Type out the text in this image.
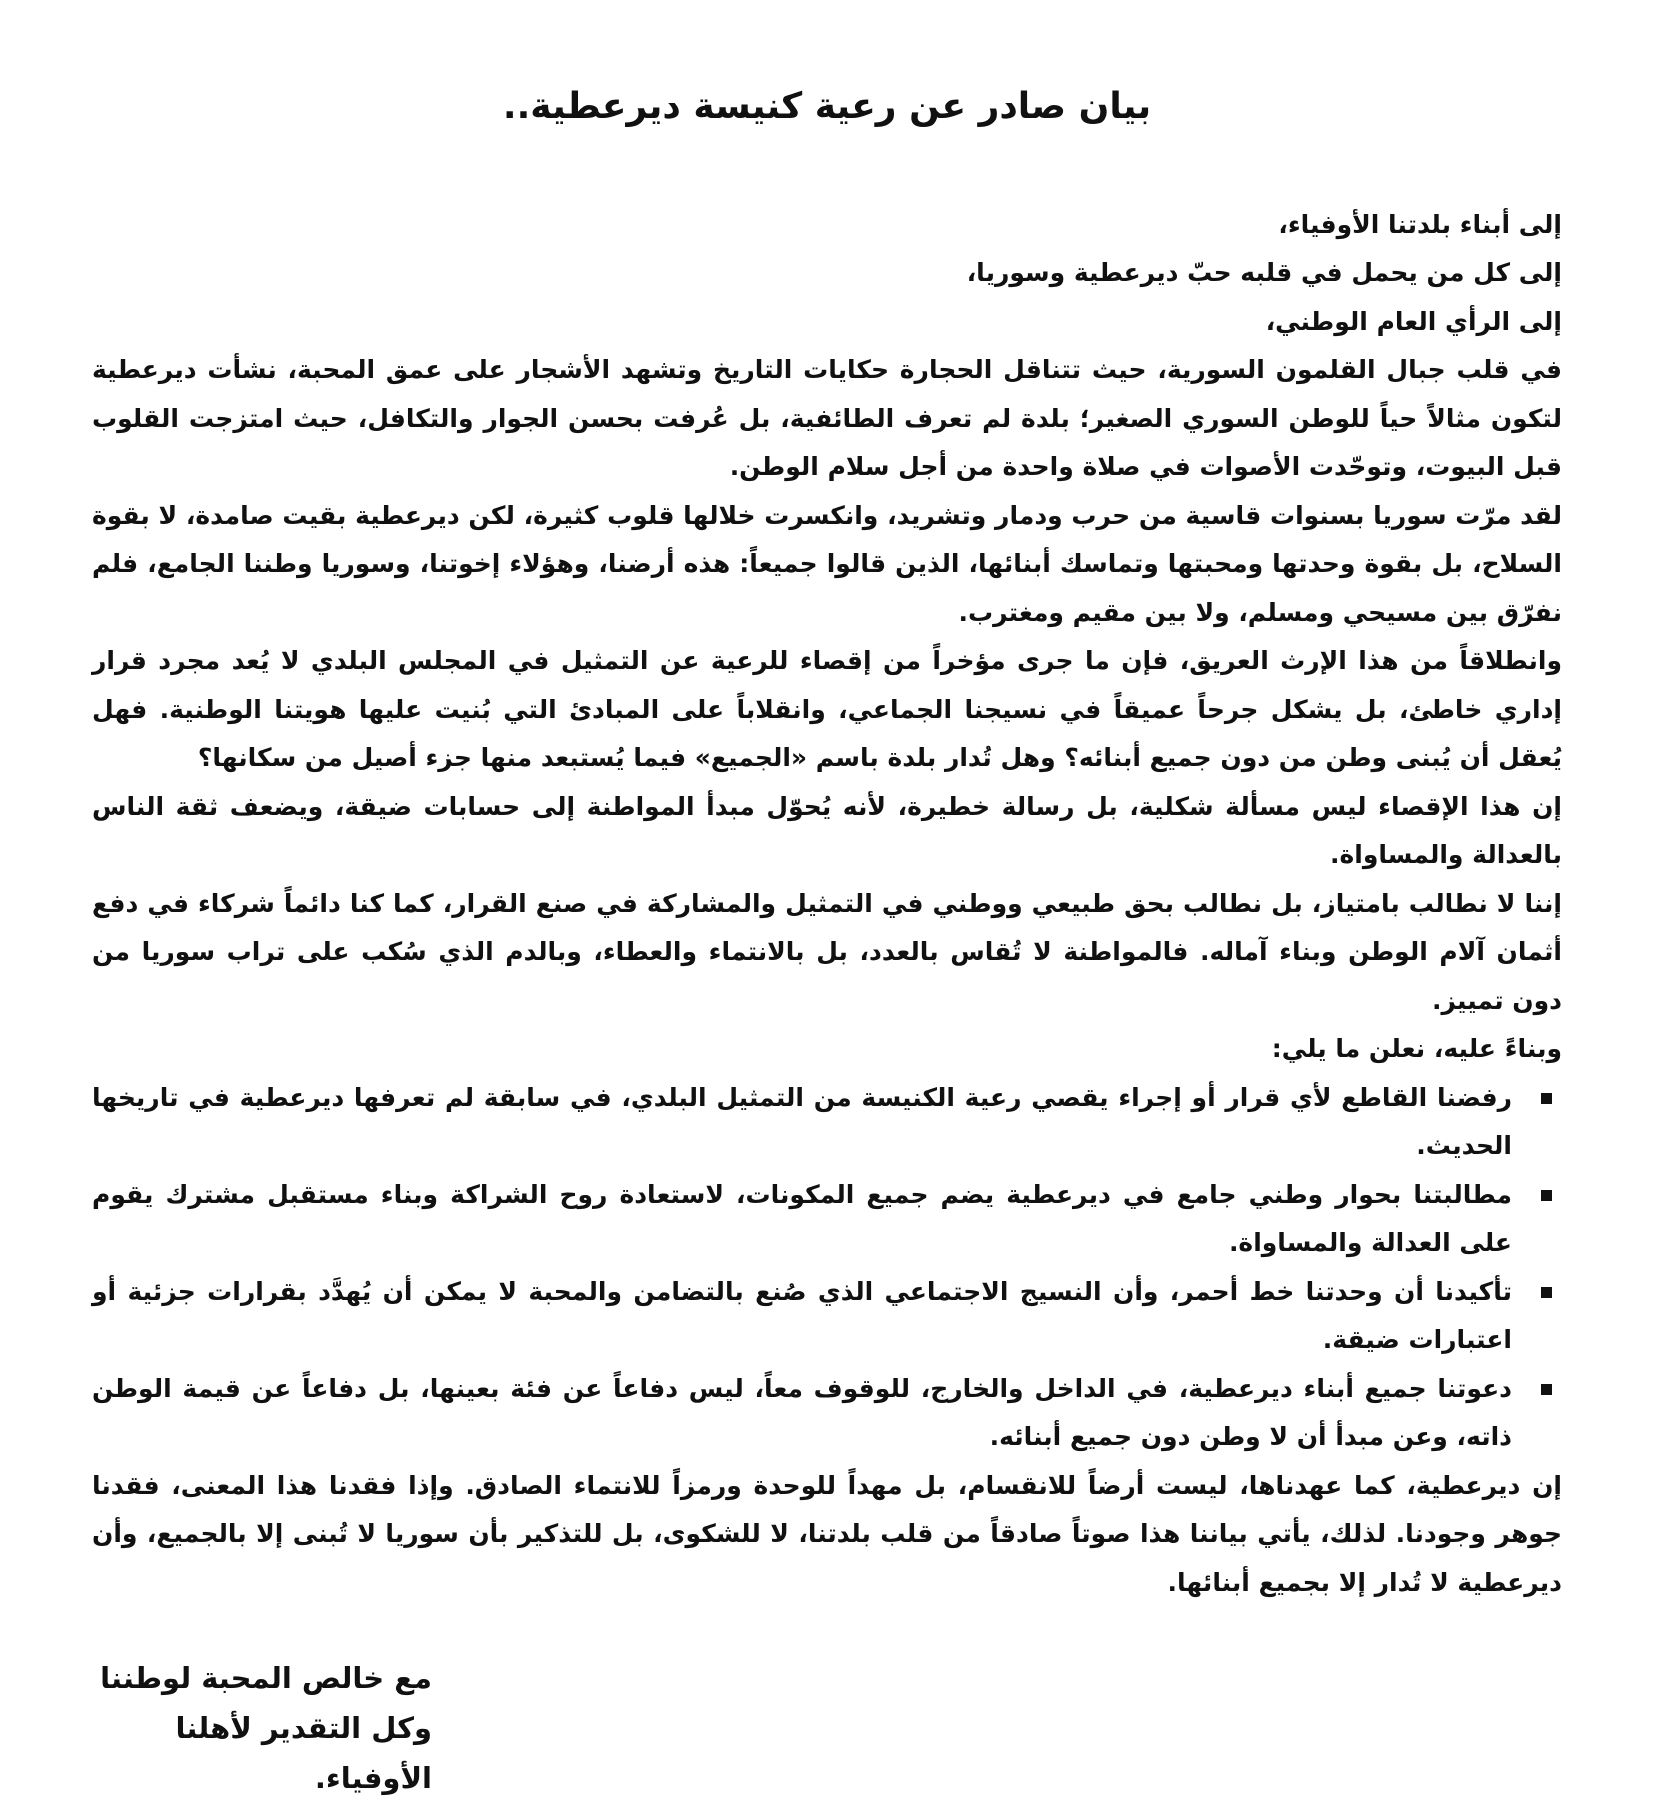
بيان صادر عن رعية كنيسة ديرعطية..

إلى أبناء بلدتنا الأوفياء،

إلى كل من يحمل في قلبه حبّ ديرعطية وسوريا،

إلى الرأي العام الوطني،

في قلب جبال القلمون السورية، حيث تتناقل الحجارة حكايات التاريخ وتشهد الأشجار على عمق المحبة، نشأت ديرعطية لتكون مثالاً حياً للوطن السوري الصغير؛ بلدة لم تعرف الطائفية، بل عُرفت بحسن الجوار والتكافل، حيث امتزجت القلوب قبل البيوت، وتوحّدت الأصوات في صلاة واحدة من أجل سلام الوطن.

لقد مرّت سوريا بسنوات قاسية من حرب ودمار وتشريد، وانكسرت خلالها قلوب كثيرة، لكن ديرعطية بقيت صامدة، لا بقوة السلاح، بل بقوة وحدتها ومحبتها وتماسك أبنائها، الذين قالوا جميعاً: هذه أرضنا، وهؤلاء إخوتنا، وسوريا وطننا الجامع، فلم نفرّق بين مسيحي ومسلم، ولا بين مقيم ومغترب.

وانطلاقاً من هذا الإرث العريق، فإن ما جرى مؤخراً من إقصاء للرعية عن التمثيل في المجلس البلدي لا يُعد مجرد قرار إداري خاطئ، بل يشكل جرحاً عميقاً في نسيجنا الجماعي، وانقلاباً على المبادئ التي بُنيت عليها هويتنا الوطنية. فهل يُعقل أن يُبنى وطن من دون جميع أبنائه؟ وهل تُدار بلدة باسم «الجميع» فيما يُستبعد منها جزء أصيل من سكانها؟

إن هذا الإقصاء ليس مسألة شكلية، بل رسالة خطيرة، لأنه يُحوّل مبدأ المواطنة إلى حسابات ضيقة، ويضعف ثقة الناس بالعدالة والمساواة.

إننا لا نطالب بامتياز، بل نطالب بحق طبيعي ووطني في التمثيل والمشاركة في صنع القرار، كما كنا دائماً شركاء في دفع أثمان آلام الوطن وبناء آماله. فالمواطنة لا تُقاس بالعدد، بل بالانتماء والعطاء، وبالدم الذي سُكب على تراب سوريا من دون تمييز.

وبناءً عليه، نعلن ما يلي:

رفضنا القاطع لأي قرار أو إجراء يقصي رعية الكنيسة من التمثيل البلدي، في سابقة لم تعرفها ديرعطية في تاريخها الحديث.
مطالبتنا بحوار وطني جامع في ديرعطية يضم جميع المكونات، لاستعادة روح الشراكة وبناء مستقبل مشترك يقوم على العدالة والمساواة.
تأكيدنا أن وحدتنا خط أحمر، وأن النسيج الاجتماعي الذي صُنع بالتضامن والمحبة لا يمكن أن يُهدَّد بقرارات جزئية أو اعتبارات ضيقة.
دعوتنا جميع أبناء ديرعطية، في الداخل والخارج، للوقوف معاً، ليس دفاعاً عن فئة بعينها، بل دفاعاً عن قيمة الوطن ذاته، وعن مبدأ أن لا وطن دون جميع أبنائه.

إن ديرعطية، كما عهدناها، ليست أرضاً للانقسام، بل مهداً للوحدة ورمزاً للانتماء الصادق. وإذا فقدنا هذا المعنى، فقدنا جوهر وجودنا. لذلك، يأتي بياننا هذا صوتاً صادقاً من قلب بلدتنا، لا للشكوى، بل للتذكير بأن سوريا لا تُبنى إلا بالجميع، وأن ديرعطية لا تُدار إلا بجميع أبنائها.

مع خالص المحبة لوطننا
وكل التقدير لأهلنا الأوفياء.
